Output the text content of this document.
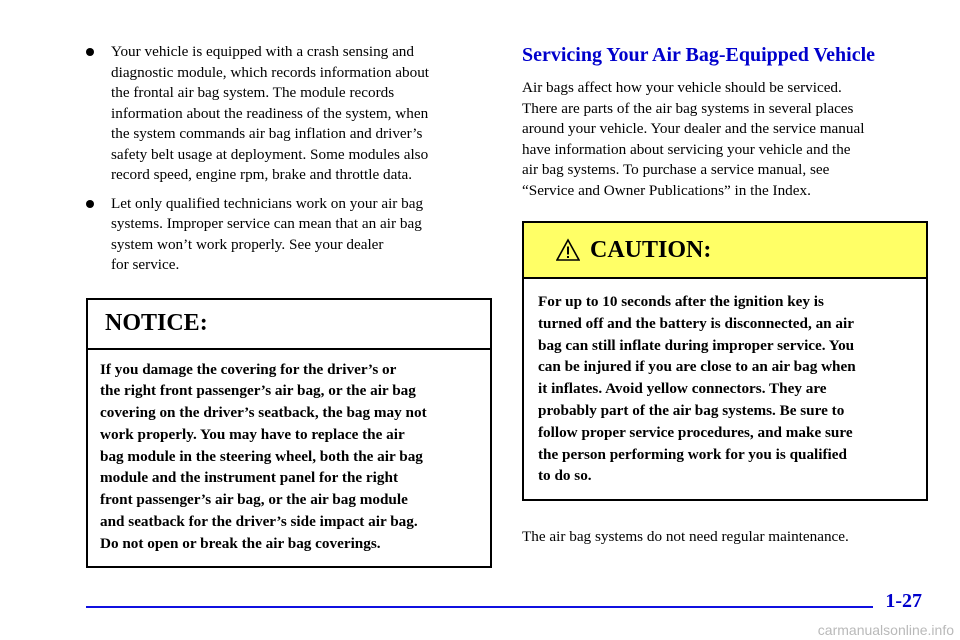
Your vehicle is equipped with a crash sensing and

diagnostic module, which records information about

the frontal air bag system. The module records

information about the readiness of the system, when

the system commands air bag inflation and driver’s

safety belt usage at deployment. Some modules also

record speed, engine rpm, brake and throttle data.

Let only qualified technicians work on your air bag

systems. Improper service can mean that an air bag

system won’t work properly. See your dealer

for service.

NOTICE:

If you damage the covering for the driver’s or

the right front passenger’s air bag, or the air bag

covering on the driver’s seatback, the bag may not

work properly. You may have to replace the air

bag module in the steering wheel, both the air bag

module and the instrument panel for the right

front passenger’s air bag, or the air bag module

and seatback for the driver’s side impact air bag.

Do not open or break the air bag coverings.

Servicing Your Air Bag-Equipped Vehicle

Air bags affect how your vehicle should be serviced.

There are parts of the air bag systems in several places

around your vehicle. Your dealer and the service manual

have information about servicing your vehicle and the

air bag systems. To purchase a service manual, see

“Service and Owner Publications” in the Index.

CAUTION:

For up to 10 seconds after the ignition key is

turned off and the battery is disconnected, an air

bag can still inflate during improper service. You

can be injured if you are close to an air bag when

it inflates. Avoid yellow connectors. They are

probably part of the air bag systems. Be sure to

follow proper service procedures, and make sure

the person performing work for you is qualified

to do so.

The air bag systems do not need regular maintenance.
1-27
carmanualsonline.info
